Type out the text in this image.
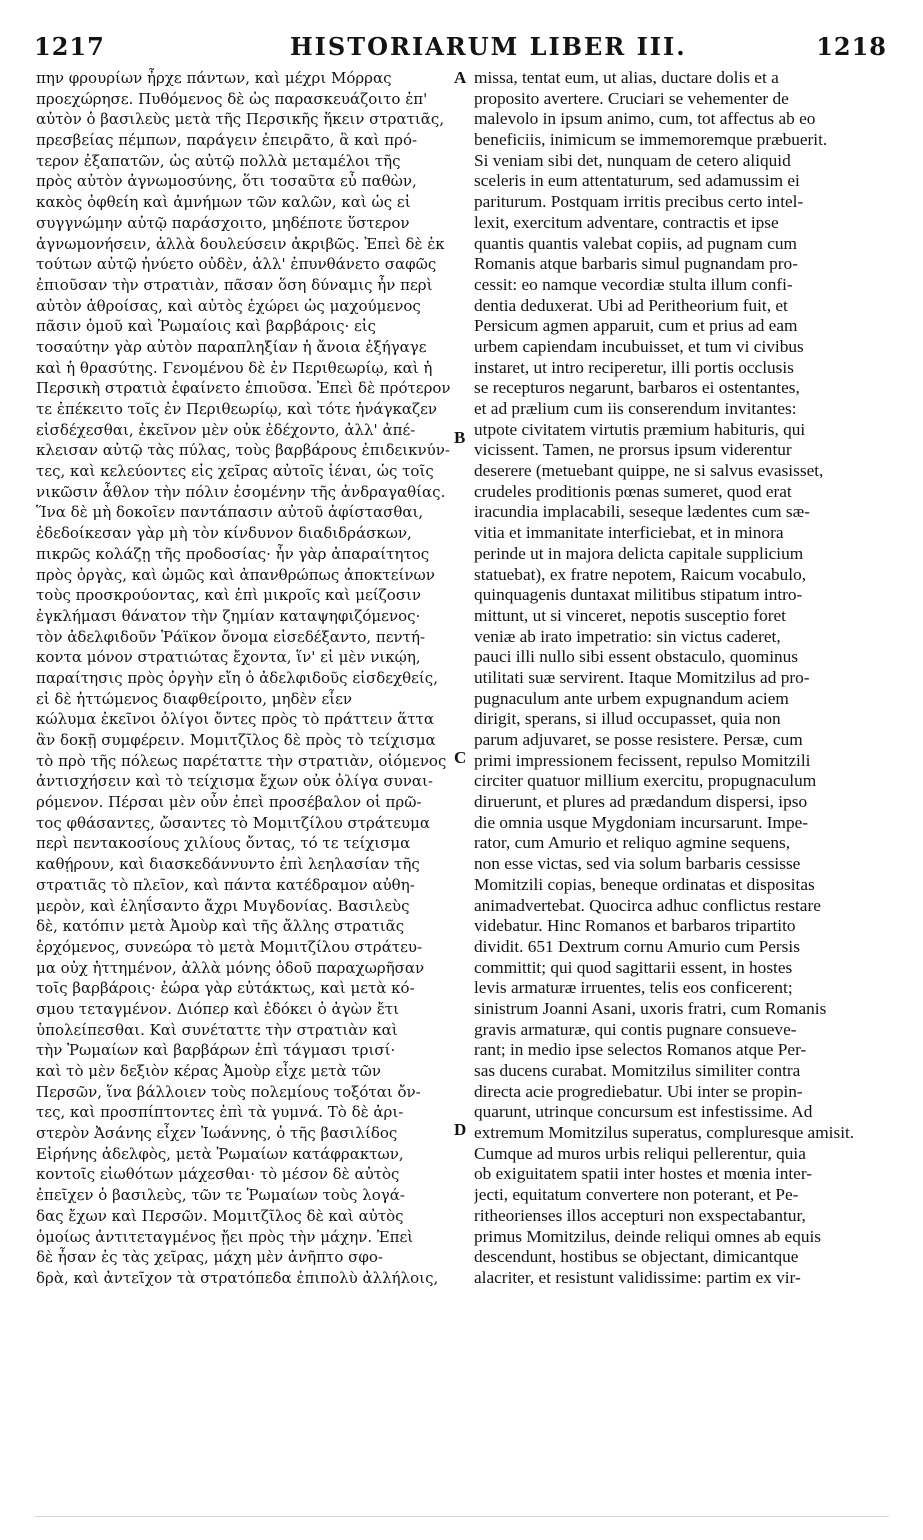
1217	HISTORIARUM LIBER III.	1218
πην φρουρίων ἦρχε πάντων, καὶ μέχρι Μόρρας
προεχώρησε. Πυθόμενος δὲ ὡς παρασκευάζοιτο ἐπ'
αὐτὸν ὁ βασιλεὺς μετὰ τῆς Περσικῆς ἥκειν στρατιᾶς,
πρεσβείας πέμπων, παράγειν ἐπειρᾶτο, ἃ καὶ πρό-
τερον ἐξαπατῶν, ὡς αὐτῷ πολλὰ μεταμέλοι τῆς
πρὸς αὐτὸν ἀγνωμοσύνης, ὅτι τοσαῦτα εὖ παθὼν,
κακὸς ὀφθείη καὶ ἀμνήμων τῶν καλῶν, καὶ ὡς εἰ
συγγνώμην αὐτῷ παράσχοιτο, μηδέποτε ὕστερον
ἀγνωμονήσειν, ἀλλὰ δουλεύσειν ἀκριβῶς. Ἐπεὶ δὲ ἐκ
τούτων αὐτῷ ἠνύετο οὐδὲν, ἀλλ' ἐπυνθάνετο σαφῶς
ἐπιοῦσαν τὴν στρατιὰν, πᾶσαν ὅση δύναμις ἦν περὶ
αὐτὸν ἀθροίσας, καὶ αὐτὸς ἐχώρει ὡς μαχούμενος
πᾶσιν ὁμοῦ καὶ Ῥωμαίοις καὶ βαρβάροις· εἰς
τοσαύτην γὰρ αὐτὸν παραπληξίαν ἡ ἄνοια ἐξήγαγε
καὶ ἡ θρασύτης. Γενομένου δὲ ἐν Περιθεωρίῳ, καὶ ἡ
Περσικὴ στρατιὰ ἐφαίνετο ἐπιοῦσα. Ἐπεὶ δὲ πρότερον
τε ἐπέκειτο τοῖς ἐν Περιθεωρίῳ, καὶ τότε ἠνάγκαζεν
εἰσδέχεσθαι, ἐκεῖνον μὲν οὐκ ἐδέχοντο, ἀλλ' ἀπέ-
κλεισαν αὐτῷ τὰς πύλας, τοὺς βαρβάρους ἐπιδεικνύν-
τες, καὶ κελεύοντες εἰς χεῖρας αὐτοῖς ἰέναι, ὡς τοῖς
νικῶσιν ἆθλον τὴν πόλιν ἐσομένην τῆς ἀνδραγαθίας.
Ἵνα δὲ μὴ δοκοῖεν παντάπασιν αὐτοῦ ἀφίστασθαι,
ἐδεδοίκεσαν γὰρ μὴ τὸν κίνδυνον διαδιδράσκων,
πικρῶς κολάζῃ τῆς προδοσίας· ἦν γὰρ ἀπαραίτητος
πρὸς ὀργὰς, καὶ ὠμῶς καὶ ἀπανθρώπως ἀποκτείνων
τοὺς προσκρούοντας, καὶ ἐπὶ μικροῖς καὶ μείζοσιν
ἐγκλήμασι θάνατον τὴν ζημίαν καταψηφιζόμενος·
τὸν ἀδελφιδοῦν Ῥάϊκον ὄνομα εἰσεδέξαντο, πεντή-
κοντα μόνον στρατιώτας ἔχοντα, ἵν' εἰ μὲν νικῴη,
παραίτησις πρὸς ὀργὴν εἴη ὁ ἀδελφιδοῦς εἰσδεχθείς,
εἰ δὲ ἡττώμενος διαφθείροιτο, μηδὲν εἶεν
κώλυμα ἐκεῖνοι ὀλίγοι ὄντες πρὸς τὸ πράττειν ἅττα
ἂν δοκῇ συμφέρειν. Μομιτζῖλος δὲ πρὸς τὸ τείχισμα
τὸ πρὸ τῆς πόλεως παρέταττε τὴν στρατιὰν, οἰόμενος
ἀντισχήσειν καὶ τὸ τείχισμα ἔχων οὐκ ὀλίγα συναι-
ρόμενον. Πέρσαι μὲν οὖν ἐπεὶ προσέβαλον οἱ πρῶ-
τος φθάσαντες, ὤσαντες τὸ Μομιτζίλου στράτευμα
περὶ πεντακοσίους χιλίους ὄντας, τό τε τείχισμα
καθῄρουν, καὶ διασκεδάννυντο ἐπὶ λεηλασίαν τῆς
στρατιᾶς τὸ πλεῖον, καὶ πάντα κατέδραμον αὐθη-
μερὸν, καὶ ἐληΐσαντο ἄχρι Μυγδονίας. Βασιλεὺς
δὲ, κατόπιν μετὰ Ἀμοὺρ καὶ τῆς ἄλλης στρατιᾶς
ἐρχόμενος, συνεώρα τὸ μετὰ Μομιτζίλου στράτευ-
μα οὐχ ἡττημένον, ἀλλὰ μόνης ὁδοῦ παραχωρῆσαν
τοῖς βαρβάροις· ἑώρα γὰρ εὐτάκτως, καὶ μετὰ κό-
σμου τεταγμένον. Διόπερ καὶ ἐδόκει ὁ ἀγὼν ἔτι
ὑπολείπεσθαι. Καὶ συνέταττε τὴν στρατιὰν καὶ
τὴν Ῥωμαίων καὶ βαρβάρων ἐπὶ τάγμασι τρισί·
καὶ τὸ μὲν δεξιὸν κέρας Ἀμοὺρ εἶχε μετὰ τῶν
Περσῶν, ἵνα βάλλοιεν τοὺς πολεμίους τοξόται ὄν-
τες, καὶ προσπίπτοντες ἐπὶ τὰ γυμνά. Τὸ δὲ ἀρι-
στερὸν Ἀσάνης εἶχεν Ἰωάννης, ὁ τῆς βασιλίδος
Εἰρήνης ἀδελφὸς, μετὰ Ῥωμαίων κατάφρακτων,
κοντοῖς εἰωθότων μάχεσθαι· τὸ μέσον δὲ αὐτὸς
ἐπεῖχεν ὁ βασιλεὺς, τῶν τε Ῥωμαίων τοὺς λογά-
δας ἔχων καὶ Περσῶν. Μομιτζῖλος δὲ καὶ αὐτὸς
ὁμοίως ἀντιτεταγμένος ᾔει πρὸς τὴν μάχην. Ἐπεὶ
δὲ ἦσαν ἐς τὰς χεῖρας, μάχη μὲν ἀνῆπτο σφο-
δρὰ, καὶ ἀντεῖχον τὰ στρατόπεδα ἐπιπολὺ ἀλλήλοις,
missa, tentat eum, ut alias, ductare dolis et a
proposito avertere. Cruciari se vehementer de
malevolo in ipsum animo, cum, tot affectus ab eo
beneficiis, inimicum se immemoremque præbuerit.
Si veniam sibi det, nunquam de cetero aliquid
sceleris in eum attentaturum, sed adamussim ei
pariturum. Postquam irritis precibus certo intel-
lexit, exercitum adventare, contractis et ipse
quantis quantis valebat copiis, ad pugnam cum
Romanis atque barbaris simul pugnandam pro-
cessit: eo namque vecordiæ stulta illum confi-
dentia deduxerat. Ubi ad Peritheorium fuit, et
Persicum agmen apparuit, cum et prius ad eam
urbem capiendam incubuisset, et tum vi civibus
instaret, ut intro reciperetur, illi portis occlusis
se recepturos negarunt, barbaros ei ostentantes,
et ad prælium cum iis conserendum invitantes:
utpote civitatem virtutis præmium habituris, qui
vicissent. Tamen, ne prorsus ipsum viderentur
deserere (metuebant quippe, ne si salvus evasisset,
crudeles proditionis pœnas sumeret, quod erat
iracundia implacabili, seseque lædentes cum sæ-
vitia et immanitate interficiebat, et in minora
perinde ut in majora delicta capitale supplicium
statuebat), ex fratre nepotem, Raicum vocabulo,
quinquagenis duntaxat militibus stipatum intro-
mittunt, ut si vinceret, nepotis susceptio foret
veniæ ab irato impetratio: sin victus caderet,
pauci illi nullo sibi essent obstaculo, quominus
utilitati suæ servirent. Itaque Momitzilus ad pro-
pugnaculum ante urbem expugnandum aciem
dirigit, sperans, si illud occupasset, quia non
parum adjuvaret, se posse resistere. Persæ, cum
primi impressionem fecissent, repulso Momitzili
circiter quatuor millium exercitu, propugnaculum
diruerunt, et plures ad prædandum dispersi, ipso
die omnia usque Mygdoniam incursarunt. Impe-
rator, cum Amurio et reliquo agmine sequens,
non esse victas, sed via solum barbaris cessisse
Momitzili copias, beneque ordinatas et dispositas
animadvertebat. Quocirca adhuc conflictus restare
videbatur. Hinc Romanos et barbaros tripartito
dividit. 651 Dextrum cornu Amurio cum Persis
committit; qui quod sagittarii essent, in hostes
levis armaturæ irruentes, telis eos conficerent;
sinistrum Joanni Asani, uxoris fratri, cum Romanis
gravis armaturæ, qui contis pugnare consueve-
rant; in medio ipse selectos Romanos atque Per-
sas ducens curabat. Momitzilus similiter contra
directa acie progrediebatur. Ubi inter se propin-
quarunt, utrinque concursum est infestissime. Ad
extremum Momitzilus superatus, compluresque amisit.
Cumque ad muros urbis reliqui pellerentur, quia
ob exiguitatem spatii inter hostes et mœnia inter-
jecti, equitatum convertere non poterant, et Pe-
ritheorienses illos accepturi non exspectabantur,
primus Momitzilus, deinde reliqui omnes ab equis
descendunt, hostibus se objectant, dimicantque
alacriter, et resistunt validissime: partim ex vir-
A
B
C
D
